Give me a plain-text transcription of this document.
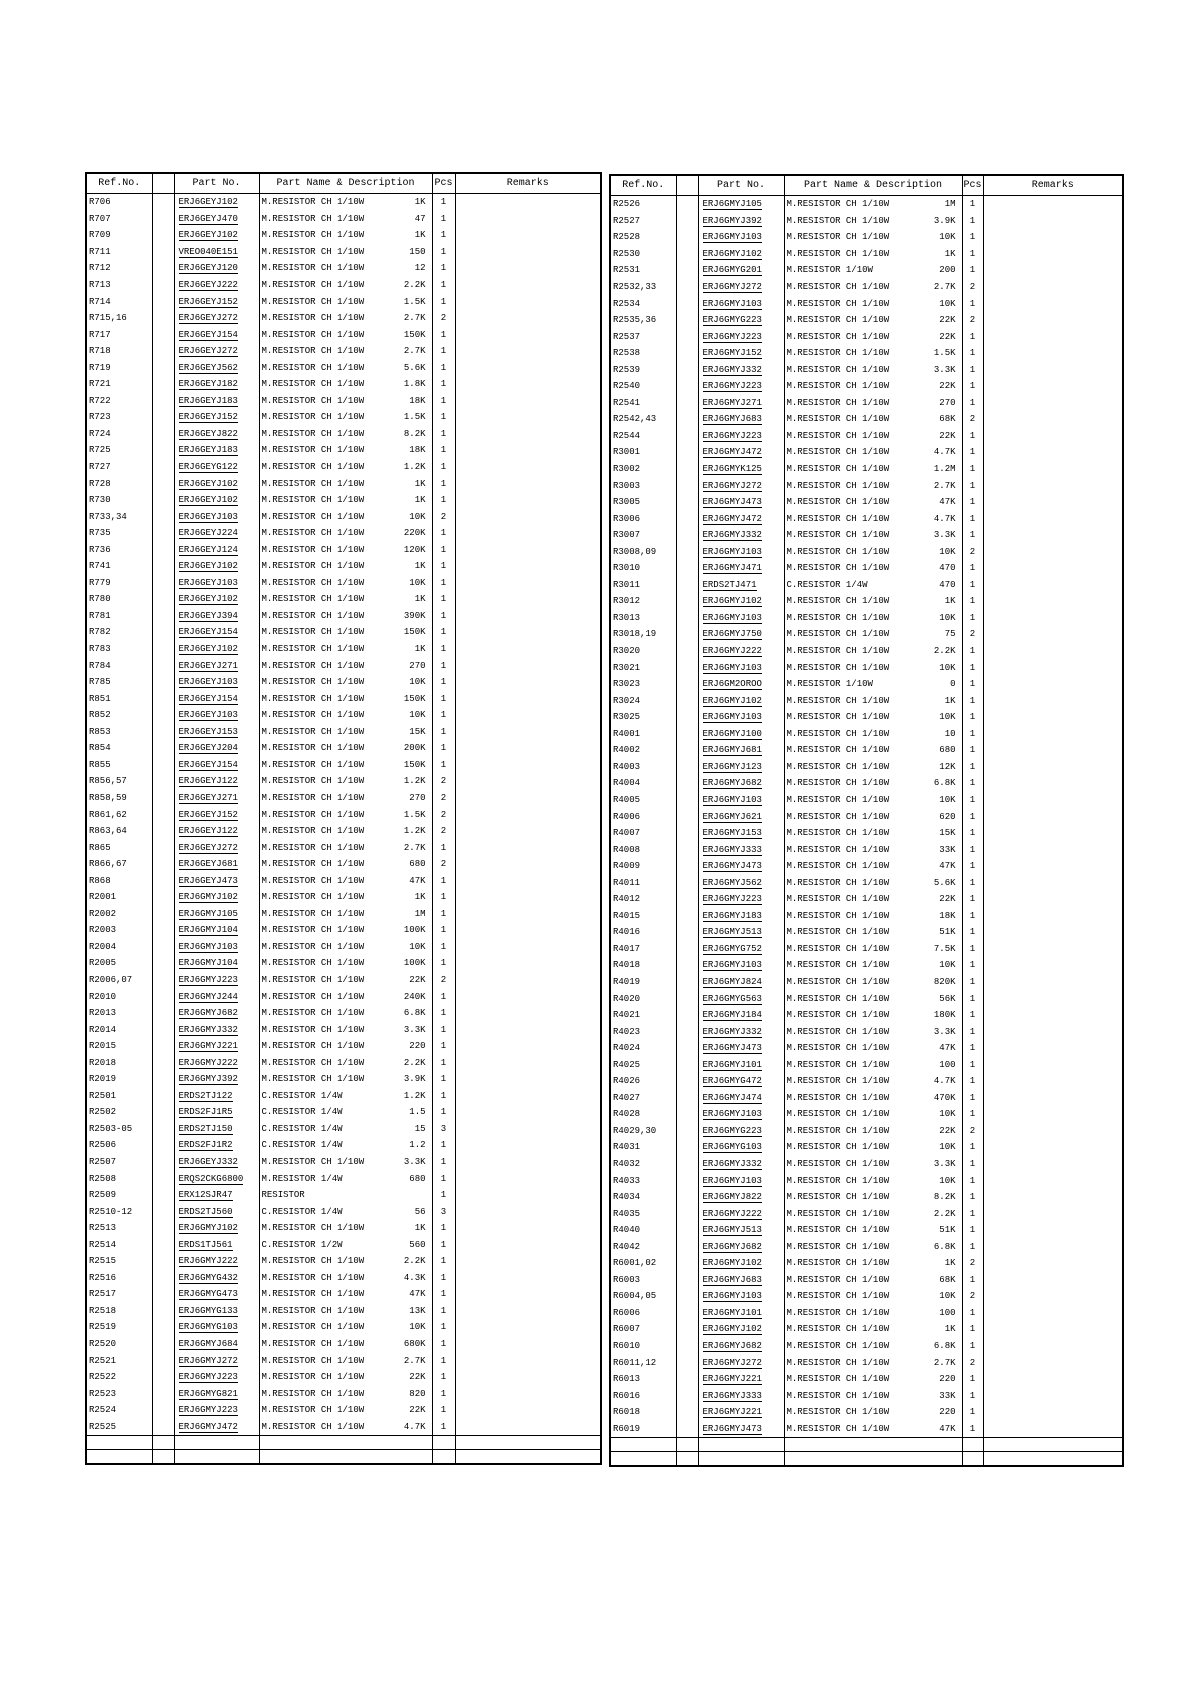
Ref.No.		Part No.	Part Name & Description	Pcs	Remarks
R706		ERJ6GEYJ102	M.RESISTOR CH 1/10W 1K	1	
R707		ERJ6GEYJ470	M.RESISTOR CH 1/10W 47	1	
R709		ERJ6GEYJ102	M.RESISTOR CH 1/10W 1K	1	
R711		VREO040E151	M.RESISTOR CH 1/10W 150	1	
R712		ERJ6GEYJ120	M.RESISTOR CH 1/10W 12	1	
R713		ERJ6GEYJ222	M.RESISTOR CH 1/10W 2.2K	1	
R714		ERJ6GEYJ152	M.RESISTOR CH 1/10W 1.5K	1	
R715,16		ERJ6GEYJ272	M.RESISTOR CH 1/10W 2.7K	2	
R717		ERJ6GEYJ154	M.RESISTOR CH 1/10W 150K	1	
R718		ERJ6GEYJ272	M.RESISTOR CH 1/10W 2.7K	1	
R719		ERJ6GEYJ562	M.RESISTOR CH 1/10W 5.6K	1	
R721		ERJ6GEYJ182	M.RESISTOR CH 1/10W 1.8K	1	
R722		ERJ6GEYJ183	M.RESISTOR CH 1/10W 18K	1	
R723		ERJ6GEYJ152	M.RESISTOR CH 1/10W 1.5K	1	
R724		ERJ6GEYJ822	M.RESISTOR CH 1/10W 8.2K	1	
R725		ERJ6GEYJ183	M.RESISTOR CH 1/10W 18K	1	
R727		ERJ6GEYG122	M.RESISTOR CH 1/10W 1.2K	1	
R728		ERJ6GEYJ102	M.RESISTOR CH 1/10W 1K	1	
R730		ERJ6GEYJ102	M.RESISTOR CH 1/10W 1K	1	
R733,34		ERJ6GEYJ103	M.RESISTOR CH 1/10W 10K	2	
R735		ERJ6GEYJ224	M.RESISTOR CH 1/10W 220K	1	
R736		ERJ6GEYJ124	M.RESISTOR CH 1/10W 120K	1	
R741		ERJ6GEYJ102	M.RESISTOR CH 1/10W 1K	1	
R779		ERJ6GEYJ103	M.RESISTOR CH 1/10W 10K	1	
R780		ERJ6GEYJ102	M.RESISTOR CH 1/10W 1K	1	
R781		ERJ6GEYJ394	M.RESISTOR CH 1/10W 390K	1	
R782		ERJ6GEYJ154	M.RESISTOR CH 1/10W 150K	1	
R783		ERJ6GEYJ102	M.RESISTOR CH 1/10W 1K	1	
R784		ERJ6GEYJ271	M.RESISTOR CH 1/10W 270	1	
R785		ERJ6GEYJ103	M.RESISTOR CH 1/10W 10K	1	
R851		ERJ6GEYJ154	M.RESISTOR CH 1/10W 150K	1	
R852		ERJ6GEYJ103	M.RESISTOR CH 1/10W 10K	1	
R853		ERJ6GEYJ153	M.RESISTOR CH 1/10W 15K	1	
R854		ERJ6GEYJ204	M.RESISTOR CH 1/10W 200K	1	
R855		ERJ6GEYJ154	M.RESISTOR CH 1/10W 150K	1	
R856,57		ERJ6GEYJ122	M.RESISTOR CH 1/10W 1.2K	2	
R858,59		ERJ6GEYJ271	M.RESISTOR CH 1/10W 270	2	
R861,62		ERJ6GEYJ152	M.RESISTOR CH 1/10W 1.5K	2	
R863,64		ERJ6GEYJ122	M.RESISTOR CH 1/10W 1.2K	2	
R865		ERJ6GEYJ272	M.RESISTOR CH 1/10W 2.7K	1	
R866,67		ERJ6GEYJ681	M.RESISTOR CH 1/10W 680	2	
R868		ERJ6GEYJ473	M.RESISTOR CH 1/10W 47K	1	
R2001		ERJ6GMYJ102	M.RESISTOR CH 1/10W 1K	1	
R2002		ERJ6GMYJ105	M.RESISTOR CH 1/10W 1M	1	
R2003		ERJ6GMYJ104	M.RESISTOR CH 1/10W 100K	1	
R2004		ERJ6GMYJ103	M.RESISTOR CH 1/10W 10K	1	
R2005		ERJ6GMYJ104	M.RESISTOR CH 1/10W 100K	1	
R2006,07		ERJ6GMYJ223	M.RESISTOR CH 1/10W 22K	2	
R2010		ERJ6GMYJ244	M.RESISTOR CH 1/10W 240K	1	
R2013		ERJ6GMYJ682	M.RESISTOR CH 1/10W 6.8K	1	
R2014		ERJ6GMYJ332	M.RESISTOR CH 1/10W 3.3K	1	
R2015		ERJ6GMYJ221	M.RESISTOR CH 1/10W 220	1	
R2018		ERJ6GMYJ222	M.RESISTOR CH 1/10W 2.2K	1	
R2019		ERJ6GMYJ392	M.RESISTOR CH 1/10W 3.9K	1	
R2501		ERDS2TJ122	C.RESISTOR 1/4W 1.2K	1	
R2502		ERDS2FJ1R5	C.RESISTOR 1/4W 1.5	1	
R2503-05		ERDS2TJ150	C.RESISTOR 1/4W 15	3	
R2506		ERDS2FJ1R2	C.RESISTOR 1/4W 1.2	1	
R2507		ERJ6GEYJ332	M.RESISTOR CH 1/10W 3.3K	1	
R2508		ERQS2CKG6800	M.RESISTOR 1/4W 680	1	
R2509		ERX12SJR47	RESISTOR	1	
R2510-12		ERDS2TJ560	C.RESISTOR 1/4W 56	3	
R2513		ERJ6GMYJ102	M.RESISTOR CH 1/10W 1K	1	
R2514		ERDS1TJ561	C.RESISTOR 1/2W 560	1	
R2515		ERJ6GMYJ222	M.RESISTOR CH 1/10W 2.2K	1	
R2516		ERJ6GMYG432	M.RESISTOR CH 1/10W 4.3K	1	
R2517		ERJ6GMYG473	M.RESISTOR CH 1/10W 47K	1	
R2518		ERJ6GMYG133	M.RESISTOR CH 1/10W 13K	1	
R2519		ERJ6GMYG103	M.RESISTOR CH 1/10W 10K	1	
R2520		ERJ6GMYJ684	M.RESISTOR CH 1/10W 680K	1	
R2521		ERJ6GMYJ272	M.RESISTOR CH 1/10W 2.7K	1	
R2522		ERJ6GMYJ223	M.RESISTOR CH 1/10W 22K	1	
R2523		ERJ6GMYG821	M.RESISTOR CH 1/10W 820	1	
R2524		ERJ6GMYJ223	M.RESISTOR CH 1/10W 22K	1	
R2525		ERJ6GMYJ472	M.RESISTOR CH 1/10W 4.7K	1	

Ref.No.		Part No.	Part Name & Description	Pcs	Remarks
R2526		ERJ6GMYJ105	M.RESISTOR CH 1/10W 1M	1	
R2527		ERJ6GMYJ392	M.RESISTOR CH 1/10W 3.9K	1	
R2528		ERJ6GMYJ103	M.RESISTOR CH 1/10W 10K	1	
R2530		ERJ6GMYJ102	M.RESISTOR CH 1/10W 1K	1	
R2531		ERJ6GMYG201	M.RESISTOR 1/10W 200	1	
R2532,33		ERJ6GMYJ272	M.RESISTOR CH 1/10W 2.7K	2	
R2534		ERJ6GMYJ103	M.RESISTOR CH 1/10W 10K	1	
R2535,36		ERJ6GMYG223	M.RESISTOR CH 1/10W 22K	2	
R2537		ERJ6GMYJ223	M.RESISTOR CH 1/10W 22K	1	
R2538		ERJ6GMYJ152	M.RESISTOR CH 1/10W 1.5K	1	
R2539		ERJ6GMYJ332	M.RESISTOR CH 1/10W 3.3K	1	
R2540		ERJ6GMYJ223	M.RESISTOR CH 1/10W 22K	1	
R2541		ERJ6GMYJ271	M.RESISTOR CH 1/10W 270	1	
R2542,43		ERJ6GMYJ683	M.RESISTOR CH 1/10W 68K	2	
R2544		ERJ6GMYJ223	M.RESISTOR CH 1/10W 22K	1	
R3001		ERJ6GMYJ472	M.RESISTOR CH 1/10W 4.7K	1	
R3002		ERJ6GMYK125	M.RESISTOR CH 1/10W 1.2M	1	
R3003		ERJ6GMYJ272	M.RESISTOR CH 1/10W 2.7K	1	
R3005		ERJ6GMYJ473	M.RESISTOR CH 1/10W 47K	1	
R3006		ERJ6GMYJ472	M.RESISTOR CH 1/10W 4.7K	1	
R3007		ERJ6GMYJ332	M.RESISTOR CH 1/10W 3.3K	1	
R3008,09		ERJ6GMYJ103	M.RESISTOR CH 1/10W 10K	2	
R3010		ERJ6GMYJ471	M.RESISTOR CH 1/10W 470	1	
R3011		ERDS2TJ471	C.RESISTOR 1/4W 470	1	
R3012		ERJ6GMYJ102	M.RESISTOR CH 1/10W 1K	1	
R3013		ERJ6GMYJ103	M.RESISTOR CH 1/10W 10K	1	
R3018,19		ERJ6GMYJ750	M.RESISTOR CH 1/10W 75	2	
R3020		ERJ6GMYJ222	M.RESISTOR CH 1/10W 2.2K	1	
R3021		ERJ6GMYJ103	M.RESISTOR CH 1/10W 10K	1	
R3023		ERJ6GM2OROO	M.RESISTOR 1/10W 0	1	
R3024		ERJ6GMYJ102	M.RESISTOR CH 1/10W 1K	1	
R3025		ERJ6GMYJ103	M.RESISTOR CH 1/10W 10K	1	
R4001		ERJ6GMYJ100	M.RESISTOR CH 1/10W 10	1	
R4002		ERJ6GMYJ681	M.RESISTOR CH 1/10W 680	1	
R4003		ERJ6GMYJ123	M.RESISTOR CH 1/10W 12K	1	
R4004		ERJ6GMYJ682	M.RESISTOR CH 1/10W 6.8K	1	
R4005		ERJ6GMYJ103	M.RESISTOR CH 1/10W 10K	1	
R4006		ERJ6GMYJ621	M.RESISTOR CH 1/10W 620	1	
R4007		ERJ6GMYJ153	M.RESISTOR CH 1/10W 15K	1	
R4008		ERJ6GMYJ333	M.RESISTOR CH 1/10W 33K	1	
R4009		ERJ6GMYJ473	M.RESISTOR CH 1/10W 47K	1	
R4011		ERJ6GMYJ562	M.RESISTOR CH 1/10W 5.6K	1	
R4012		ERJ6GMYJ223	M.RESISTOR CH 1/10W 22K	1	
R4015		ERJ6GMYJ183	M.RESISTOR CH 1/10W 18K	1	
R4016		ERJ6GMYJ513	M.RESISTOR CH 1/10W 51K	1	
R4017		ERJ6GMYG752	M.RESISTOR CH 1/10W 7.5K	1	
R4018		ERJ6GMYJ103	M.RESISTOR CH 1/10W 10K	1	
R4019		ERJ6GMYJ824	M.RESISTOR CH 1/10W 820K	1	
R4020		ERJ6GMYG563	M.RESISTOR CH 1/10W 56K	1	
R4021		ERJ6GMYJ184	M.RESISTOR CH 1/10W 180K	1	
R4023		ERJ6GMYJ332	M.RESISTOR CH 1/10W 3.3K	1	
R4024		ERJ6GMYJ473	M.RESISTOR CH 1/10W 47K	1	
R4025		ERJ6GMYJ101	M.RESISTOR CH 1/10W 100	1	
R4026		ERJ6GMYG472	M.RESISTOR CH 1/10W 4.7K	1	
R4027		ERJ6GMYJ474	M.RESISTOR CH 1/10W 470K	1	
R4028		ERJ6GMYJ103	M.RESISTOR CH 1/10W 10K	1	
R4029,30		ERJ6GMYG223	M.RESISTOR CH 1/10W 22K	2	
R4031		ERJ6GMYG103	M.RESISTOR CH 1/10W 10K	1	
R4032		ERJ6GMYJ332	M.RESISTOR CH 1/10W 3.3K	1	
R4033		ERJ6GMYJ103	M.RESISTOR CH 1/10W 10K	1	
R4034		ERJ6GMYJ822	M.RESISTOR CH 1/10W 8.2K	1	
R4035		ERJ6GMYJ222	M.RESISTOR CH 1/10W 2.2K	1	
R4040		ERJ6GMYJ513	M.RESISTOR CH 1/10W 51K	1	
R4042		ERJ6GMYJ682	M.RESISTOR CH 1/10W 6.8K	1	
R6001,02		ERJ6GMYJ102	M.RESISTOR CH 1/10W 1K	2	
R6003		ERJ6GMYJ683	M.RESISTOR CH 1/10W 68K	1	
R6004,05		ERJ6GMYJ103	M.RESISTOR CH 1/10W 10K	2	
R6006		ERJ6GMYJ101	M.RESISTOR CH 1/10W 100	1	
R6007		ERJ6GMYJ102	M.RESISTOR CH 1/10W 1K	1	
R6010		ERJ6GMYJ682	M.RESISTOR CH 1/10W 6.8K	1	
R6011,12		ERJ6GMYJ272	M.RESISTOR CH 1/10W 2.7K	2	
R6013		ERJ6GMYJ221	M.RESISTOR CH 1/10W 220	1	
R6016		ERJ6GMYJ333	M.RESISTOR CH 1/10W 33K	1	
R6018		ERJ6GMYJ221	M.RESISTOR CH 1/10W 220	1	
R6019		ERJ6GMYJ473	M.RESISTOR CH 1/10W 47K	1	
